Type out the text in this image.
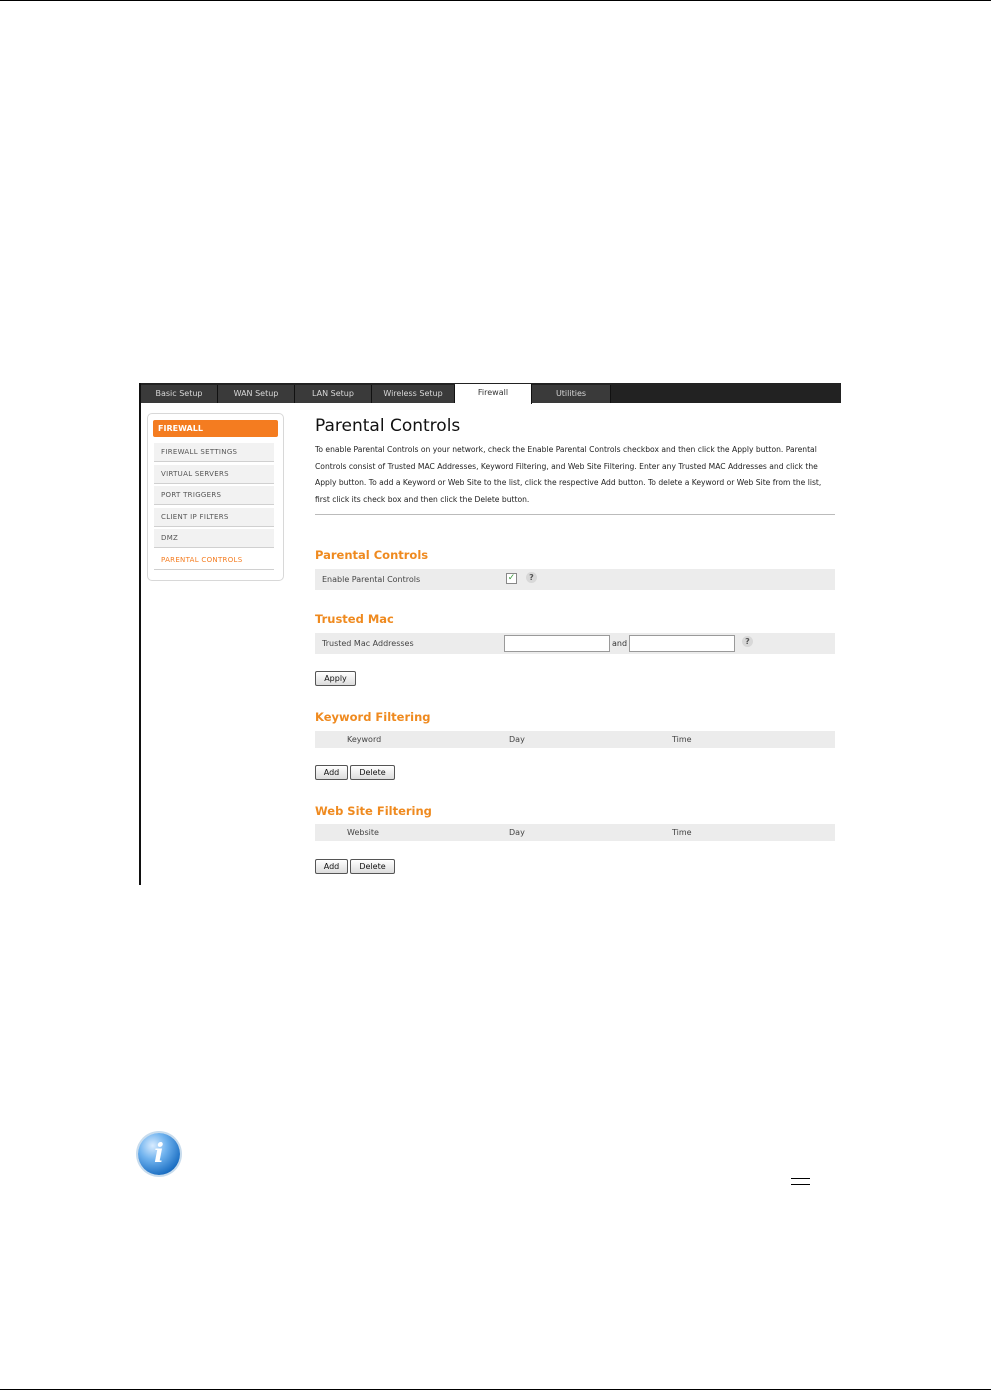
Basic Setup	WAN Setup	LAN Setup	Wireless Setup	Firewall	Utilities
FIREWALL
FIREWALL SETTINGS
VIRTUAL SERVERS
PORT TRIGGERS
CLIENT IP FILTERS
DMZ
PARENTAL CONTROLS
Parental Controls
To enable Parental Controls on your network, check the Enable Parental Controls checkbox and then click the Apply button. Parental Controls consist of Trusted MAC Addresses, Keyword Filtering, and Web Site Filtering. Enter any Trusted MAC Addresses and click the Apply button. To add a Keyword or Web Site to the list, click the respective Add button. To delete a Keyword or Web Site from the list, first click its check box and then click the Delete button.
Parental Controls
Enable Parental Controls	✓	?
Trusted Mac
Trusted Mac Addresses	and	?
Apply
Keyword Filtering
Keyword	Day	Time
Add	Delete
Web Site Filtering
Website	Day	Time
Add	Delete
i
